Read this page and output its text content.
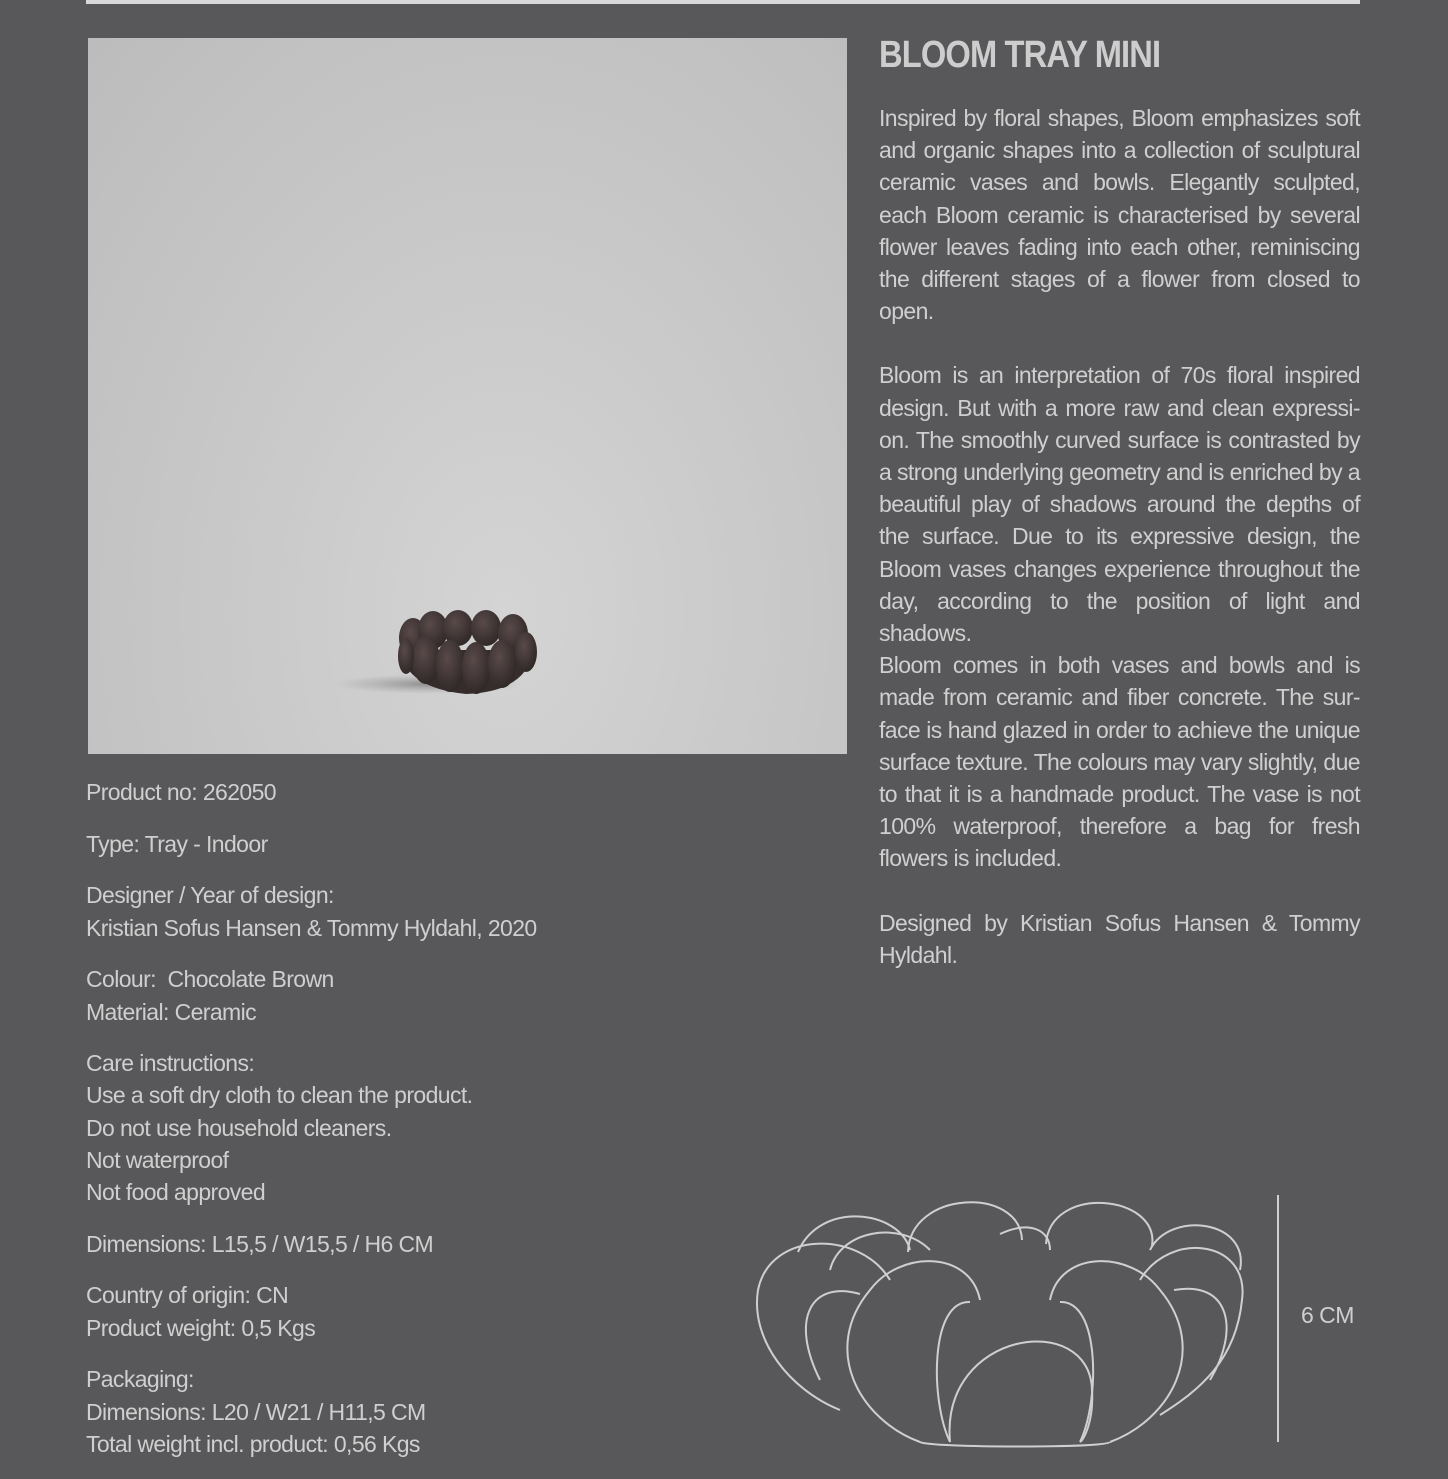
BLOOM TRAY MINI

Inspired by floral shapes, Bloom emphasizes soft and organic shapes into a collection of sculptural ceramic vases and bowls. Elegantly sculpted, each Bloom ceramic is characterised by several flower leaves fading into each other, reminiscing the different stages of a flower from closed to open.

Bloom is an interpretation of 70s floral inspired design. But with a more raw and clean expressi-on. The smoothly curved surface is contrasted by a strong underlying geometry and is enriched by a beautiful play of shadows around the depths of the surface. Due to its expressive design, the Bloom vases changes experience throughout the day, according to the position of light and shadows.

Bloom comes in both vases and bowls and is made from ceramic and fiber concrete. The sur-face is hand glazed in order to achieve the unique surface texture. The colours may vary slightly, due to that it is a handmade product. The vase is not 100% waterproof, therefore a bag for fresh flowers is included.

Designed by Kristian Sofus Hansen & Tommy Hyldahl.

Product no: 262050
Type: Tray - Indoor
Designer / Year of design:
Kristian Sofus Hansen & Tommy Hyldahl, 2020
Colour:  Chocolate Brown
Material: Ceramic
Care instructions:
Use a soft dry cloth to clean the product.
Do not use household cleaners.
Not waterproof
Not food approved
Dimensions: L15,5 / W15,5 / H6 CM
Country of origin: CN
Product weight: 0,5 Kgs
Packaging:
Dimensions: L20 / W21 / H11,5 CM
Total weight incl. product: 0,56 Kgs
6 CM
